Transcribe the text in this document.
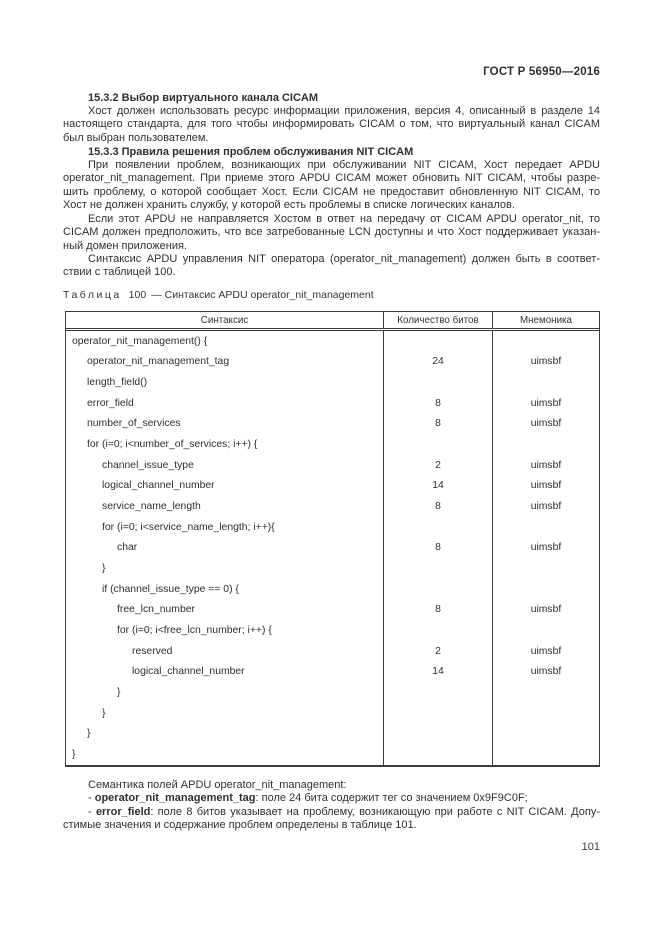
ГОСТ Р 56950—2016
15.3.2 Выбор виртуального канала CICAM
Хост должен использовать ресурс информации приложения, версия 4, описанный в разделе 14
настоящего стандарта, для того чтобы информировать CICAM о том, что виртуальный канал CICAM
был выбран пользователем.
15.3.3 Правила решения проблем обслуживания NIT CICAM
При появлении проблем, возникающих при обслуживании NIT CICAM, Хост передает APDU
operator_nit_management. При приеме этого APDU CICAM может обновить NIT CICAM, чтобы разре-
шить проблему, о которой сообщает Хост. Если CICAM не предоставит обновленную NIT CICAM, то
Хост не должен хранить службу, у которой есть проблемы в списке логических каналов.
Если этот APDU не направляется Хостом в ответ на передачу от CICAM APDU operator_nit, то
CICAM должен предположить, что все затребованные LCN доступны и что Хост поддерживает указан-
ный домен приложения.
Синтаксис APDU управления NIT оператора (operator_nit_management) должен быть в соответ-
ствии с таблицей 100.
Таблица 100 — Синтаксис APDU operator_nit_management
Синтаксис	Количество битов	Мнемоника
operator_nit_management() {
operator_nit_management_tag	24	uimsbf
length_field()
error_field	8	uimsbf
number_of_services	8	uimsbf
for (i=0; i<number_of_services; i++) {
channel_issue_type	2	uimsbf
logical_channel_number	14	uimsbf
service_name_length	8	uimsbf
for (i=0; i<service_name_length; i++){
char	8	uimsbf
}
if (channel_issue_type == 0) {
free_lcn_number	8	uimsbf
for (i=0; i<free_lcn_number; i++) {
reserved	2	uimsbf
logical_channel_number	14	uimsbf
}
}
}
}
Семантика полей APDU operator_nit_management:
- operator_nit_management_tag: поле 24 бита содержит тег со значением 0x9F9C0F;
- error_field: поле 8 битов указывает на проблему, возникающую при работе с NIT CICAM. Допу-
стимые значения и содержание проблем определены в таблице 101.
101
